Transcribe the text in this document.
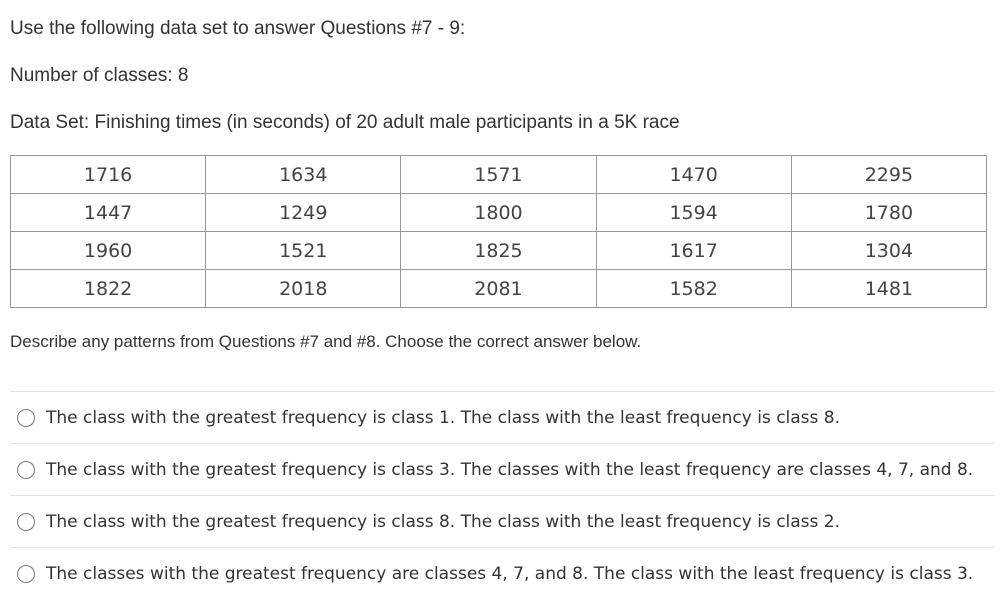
Use the following data set to answer Questions #7 - 9:
Number of classes: 8
Data Set: Finishing times (in seconds) of 20 adult male participants in a 5K race
1716	1634	1571	1470	2295
1447	1249	1800	1594	1780
1960	1521	1825	1617	1304
1822	2018	2081	1582	1481
Describe any patterns from Questions #7 and #8. Choose the correct answer below.
The class with the greatest frequency is class 1. The class with the least frequency is class 8.
The class with the greatest frequency is class 3. The classes with the least frequency are classes 4, 7, and 8.
The class with the greatest frequency is class 8. The class with the least frequency is class 2.
The classes with the greatest frequency are classes 4, 7, and 8. The class with the least frequency is class 3.
